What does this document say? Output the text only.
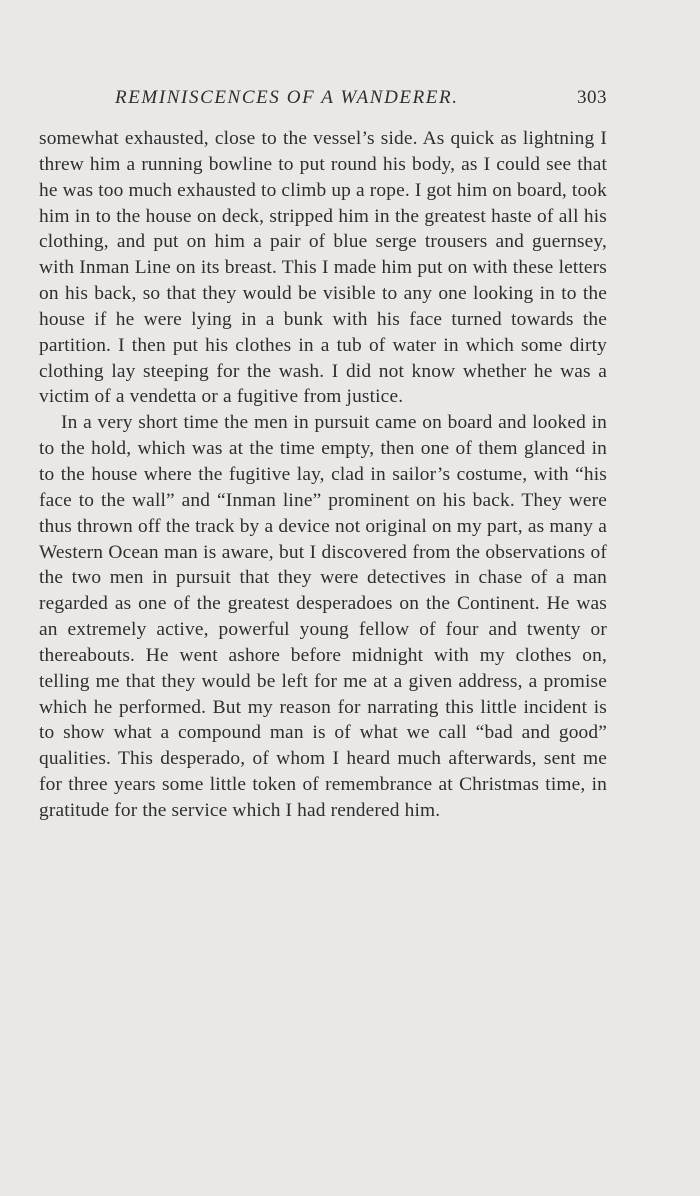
REMINISCENCES OF A WANDERER.	303

somewhat exhausted, close to the vessel’s side. As quick as lightning I threw him a running bowline to put round his body, as I could see that he was too much exhausted to climb up a rope. I got him on board, took him in to the house on deck, stripped him in the greatest haste of all his clothing, and put on him a pair of blue serge trousers and guernsey, with Inman Line on its breast. This I made him put on with these letters on his back, so that they would be visible to any one looking in to the house if he were lying in a bunk with his face turned towards the partition. I then put his clothes in a tub of water in which some dirty clothing lay steeping for the wash. I did not know whether he was a victim of a vendetta or a fugitive from justice.

In a very short time the men in pursuit came on board and looked in to the hold, which was at the time empty, then one of them glanced in to the house where the fugitive lay, clad in sailor’s costume, with “his face to the wall” and “Inman line” prominent on his back. They were thus thrown off the track by a device not original on my part, as many a Western Ocean man is aware, but I discovered from the observations of the two men in pursuit that they were detectives in chase of a man regarded as one of the greatest desperadoes on the Continent. He was an extremely active, powerful young fellow of four and twenty or thereabouts. He went ashore before midnight with my clothes on, telling me that they would be left for me at a given address, a promise which he performed. But my reason for narrating this little incident is to show what a compound man is of what we call “bad and good” qualities. This desperado, of whom I heard much afterwards, sent me for three years some little token of remembrance at Christmas time, in gratitude for the service which I had rendered him.
